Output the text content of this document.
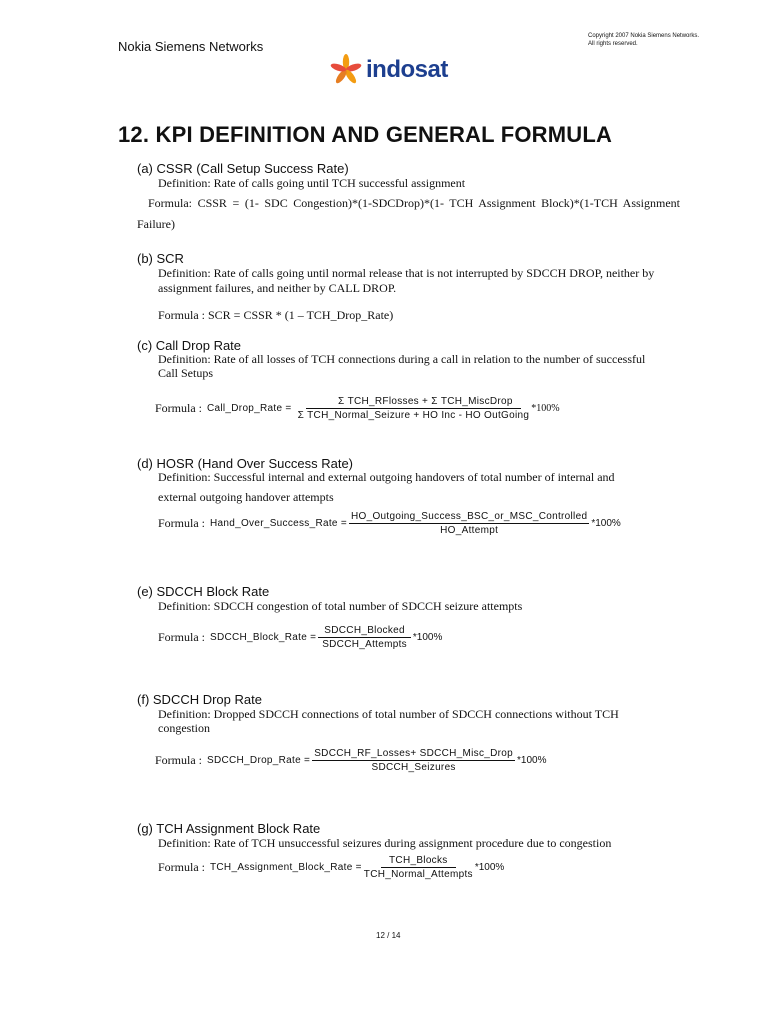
Nokia Siemens Networks
Copyright 2007 Nokia Siemens Networks.
All rights reserved.
indosat
12. KPI DEFINITION AND GENERAL FORMULA
(a) CSSR (Call Setup Success Rate)
Definition: Rate of calls going until TCH successful assignment
Formula: CSSR = (1- SDC Congestion)*(1-SDCDrop)*(1- TCH Assignment Block)*(1-TCH Assignment
Failure)
(b) SCR
Definition: Rate of calls going until normal release that is not interrupted by SDCCH DROP, neither by
assignment failures, and neither by CALL DROP.
Formula : SCR = CSSR * (1 – TCH_Drop_Rate)
(c) Call Drop Rate
Definition: Rate of all losses of TCH connections during a call in relation to the number of successful
Call Setups
Formula : Call_Drop_Rate = $\frac{\text{Σ TCH\_RFlosses + Σ TCH\_MiscDrop}}{\text{Σ TCH\_Normal\_Seizure + HO Inc - HO OutGoing}} *100\%$
(d) HOSR (Hand Over Success Rate)
Definition: Successful internal and external outgoing handovers of total number of internal and
external outgoing handover attempts
Formula : Hand_Over_Success_Rate = $\frac{\text{HO\_Outgoing\_Success\_BSC\_or\_MSC\_Controlled}}{\text{HO\_Attempt}} *100\%$
(e) SDCCH Block Rate
Definition: SDCCH congestion of total number of SDCCH seizure attempts
Formula : SDCCH_Block_Rate = $\frac{\text{SDCCH\_Blocked}}{\text{SDCCH\_Attempts}} *100\%$
(f) SDCCH Drop Rate
Definition: Dropped SDCCH connections of total number of SDCCH connections without TCH
congestion
Formula : SDCCH_Drop_Rate = $\frac{\text{SDCCH\_RF\_Losses+ SDCCH\_Misc\_Drop}}{\text{SDCCH\_Seizures}} *100\%$
(g) TCH Assignment Block Rate
Definition: Rate of TCH unsuccessful seizures during assignment procedure due to congestion
Formula : TCH_Assignment_Block_Rate = $\frac{\text{TCH\_Blocks}}{\text{TCH\_Normal\_Attempts}} *100\%$
12 / 14
